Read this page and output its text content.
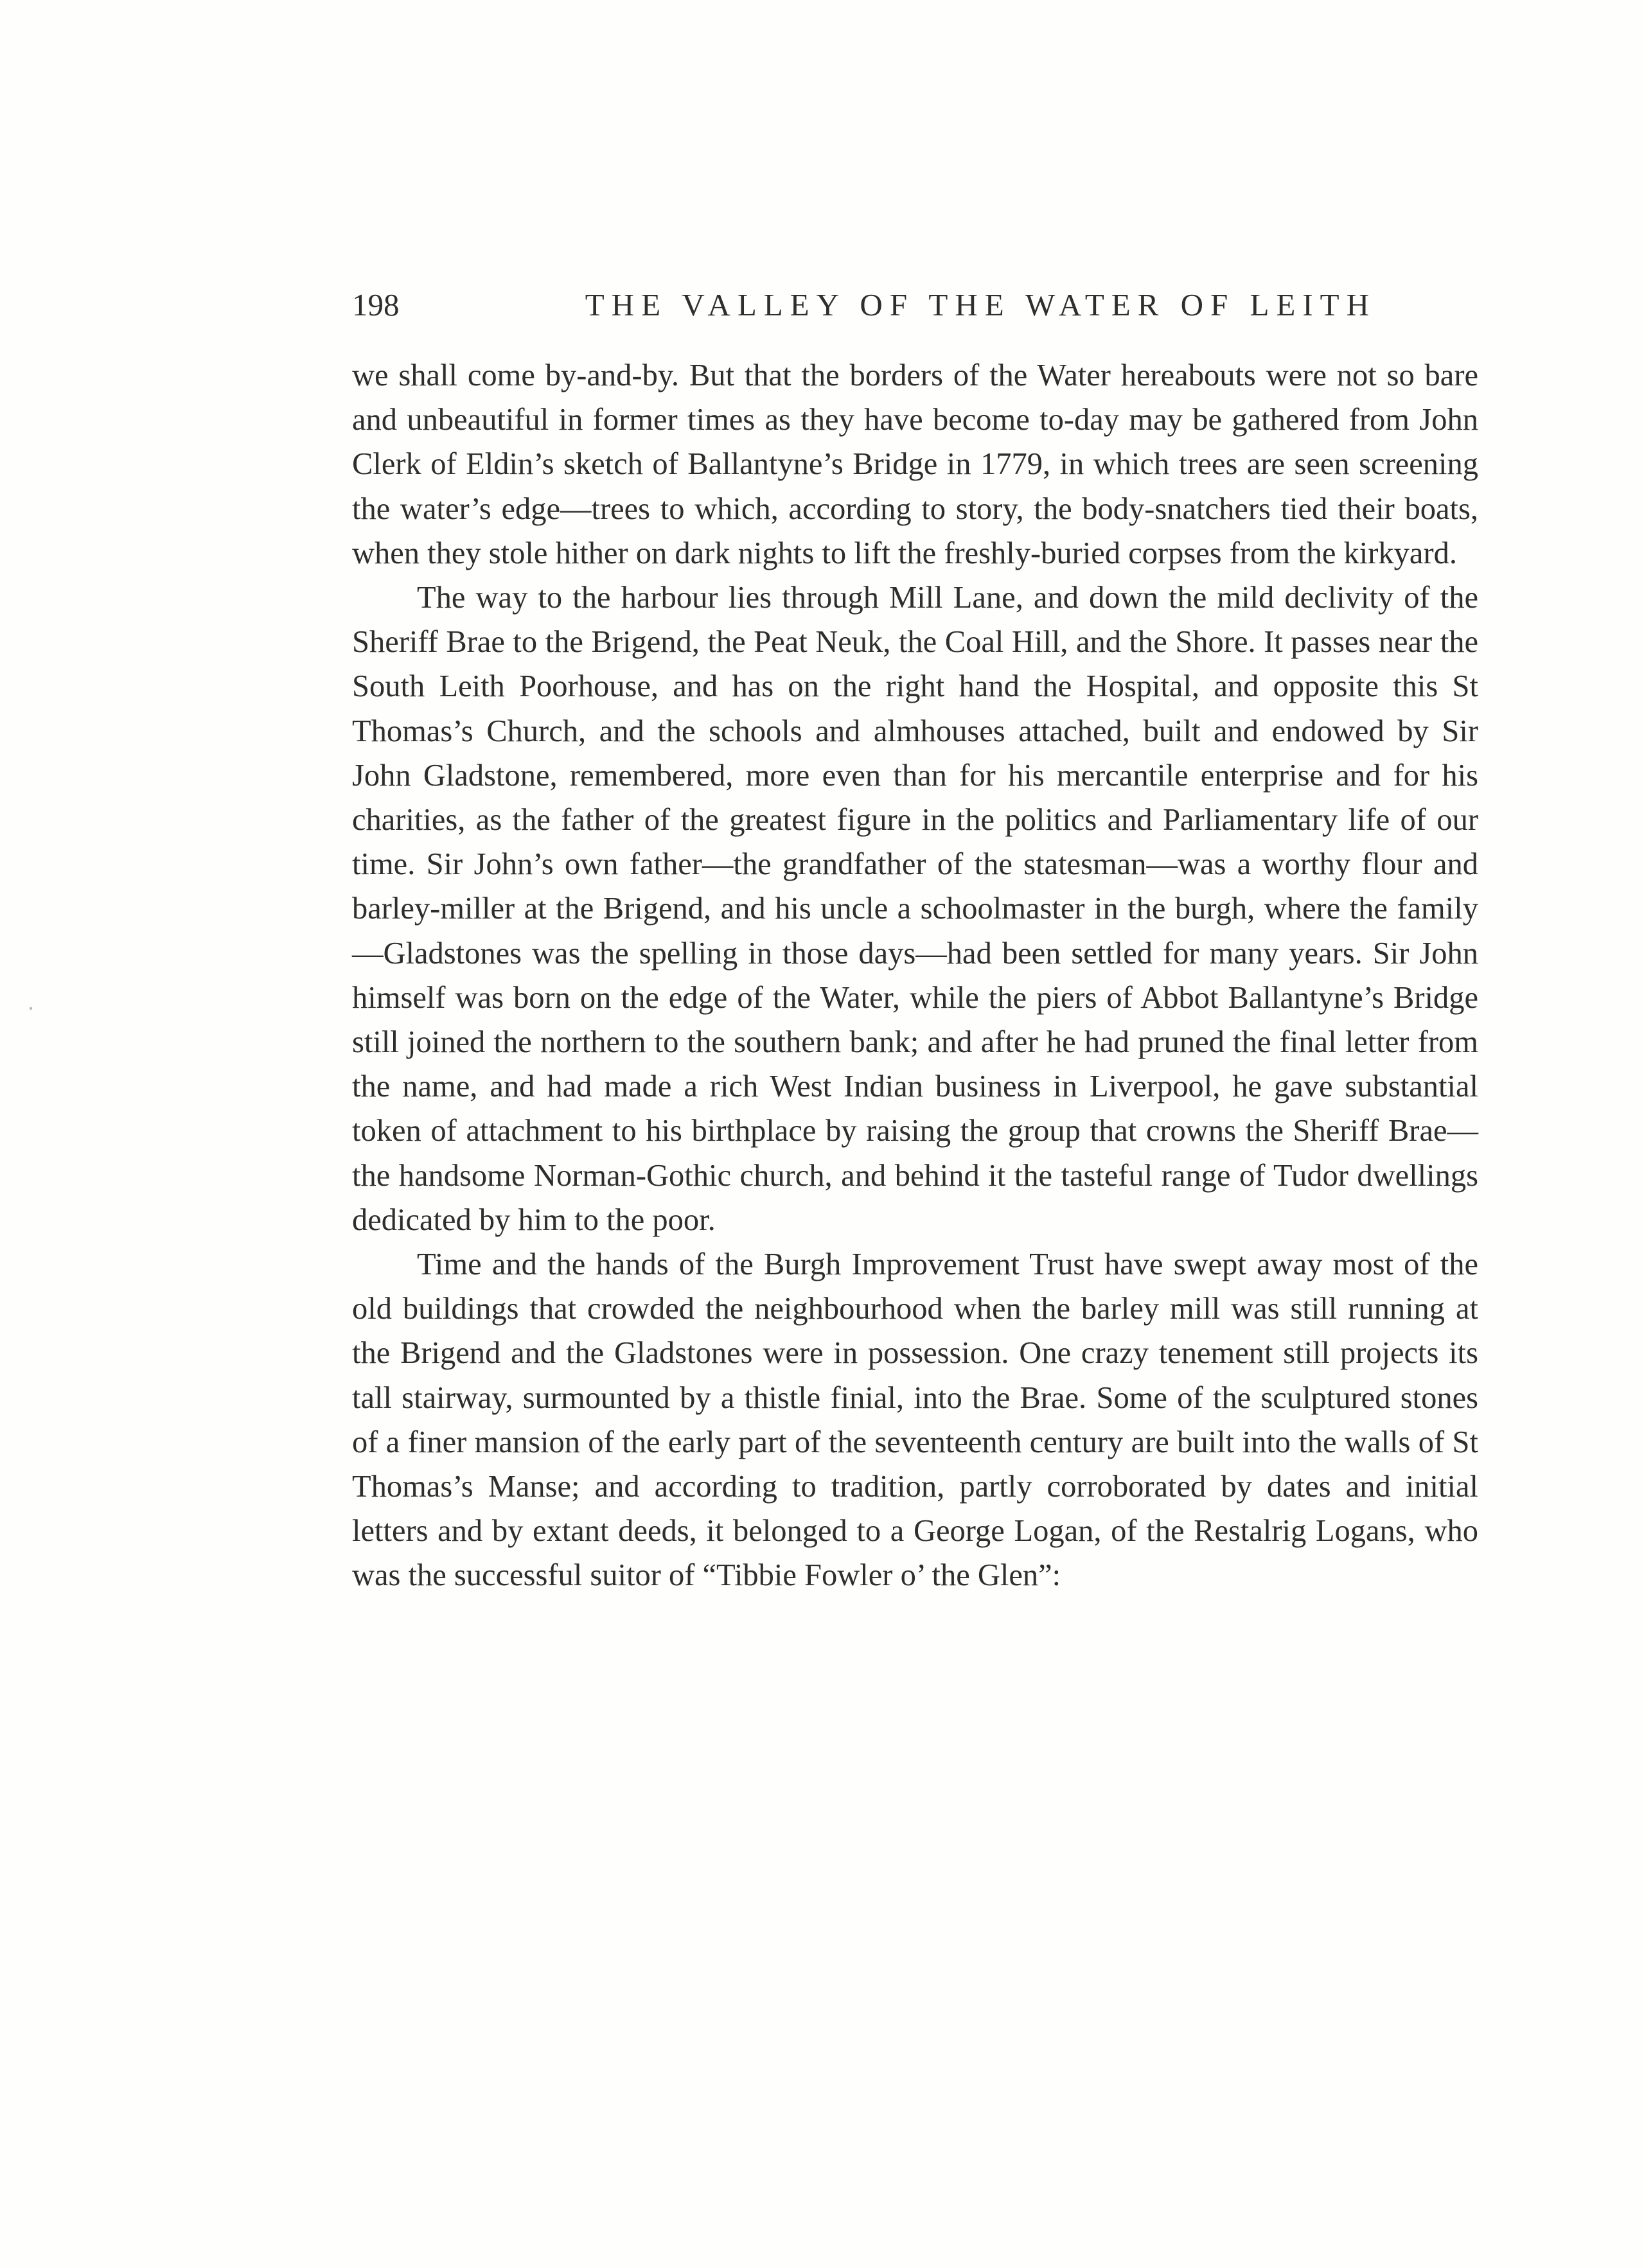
198	THE VALLEY OF THE WATER OF LEITH

we shall come by-and-by. But that the borders of the Water hereabouts were not so bare and unbeautiful in former times as they have become to-day may be gathered from John Clerk of Eldin’s sketch of Ballantyne’s Bridge in 1779, in which trees are seen screening the water’s edge—trees to which, according to story, the body-snatchers tied their boats, when they stole hither on dark nights to lift the freshly-buried corpses from the kirkyard.

The way to the harbour lies through Mill Lane, and down the mild declivity of the Sheriff Brae to the Brigend, the Peat Neuk, the Coal Hill, and the Shore. It passes near the South Leith Poorhouse, and has on the right hand the Hospital, and opposite this St Thomas’s Church, and the schools and almhouses attached, built and endowed by Sir John Gladstone, remembered, more even than for his mercantile enterprise and for his charities, as the father of the greatest figure in the politics and Parliamentary life of our time. Sir John’s own father—the grandfather of the statesman—was a worthy flour and barley-miller at the Brigend, and his uncle a schoolmaster in the burgh, where the family—Gladstones was the spelling in those days—had been settled for many years. Sir John himself was born on the edge of the Water, while the piers of Abbot Ballantyne’s Bridge still joined the northern to the southern bank; and after he had pruned the final letter from the name, and had made a rich West Indian business in Liverpool, he gave substantial token of attachment to his birthplace by raising the group that crowns the Sheriff Brae—the handsome Norman-Gothic church, and behind it the tasteful range of Tudor dwellings dedicated by him to the poor.

Time and the hands of the Burgh Improvement Trust have swept away most of the old buildings that crowded the neighbourhood when the barley mill was still running at the Brigend and the Gladstones were in possession. One crazy tenement still projects its tall stairway, surmounted by a thistle finial, into the Brae. Some of the sculptured stones of a finer mansion of the early part of the seventeenth century are built into the walls of St Thomas’s Manse; and according to tradition, partly corroborated by dates and initial letters and by extant deeds, it belonged to a George Logan, of the Restalrig Logans, who was the successful suitor of “Tibbie Fowler o’ the Glen”:
